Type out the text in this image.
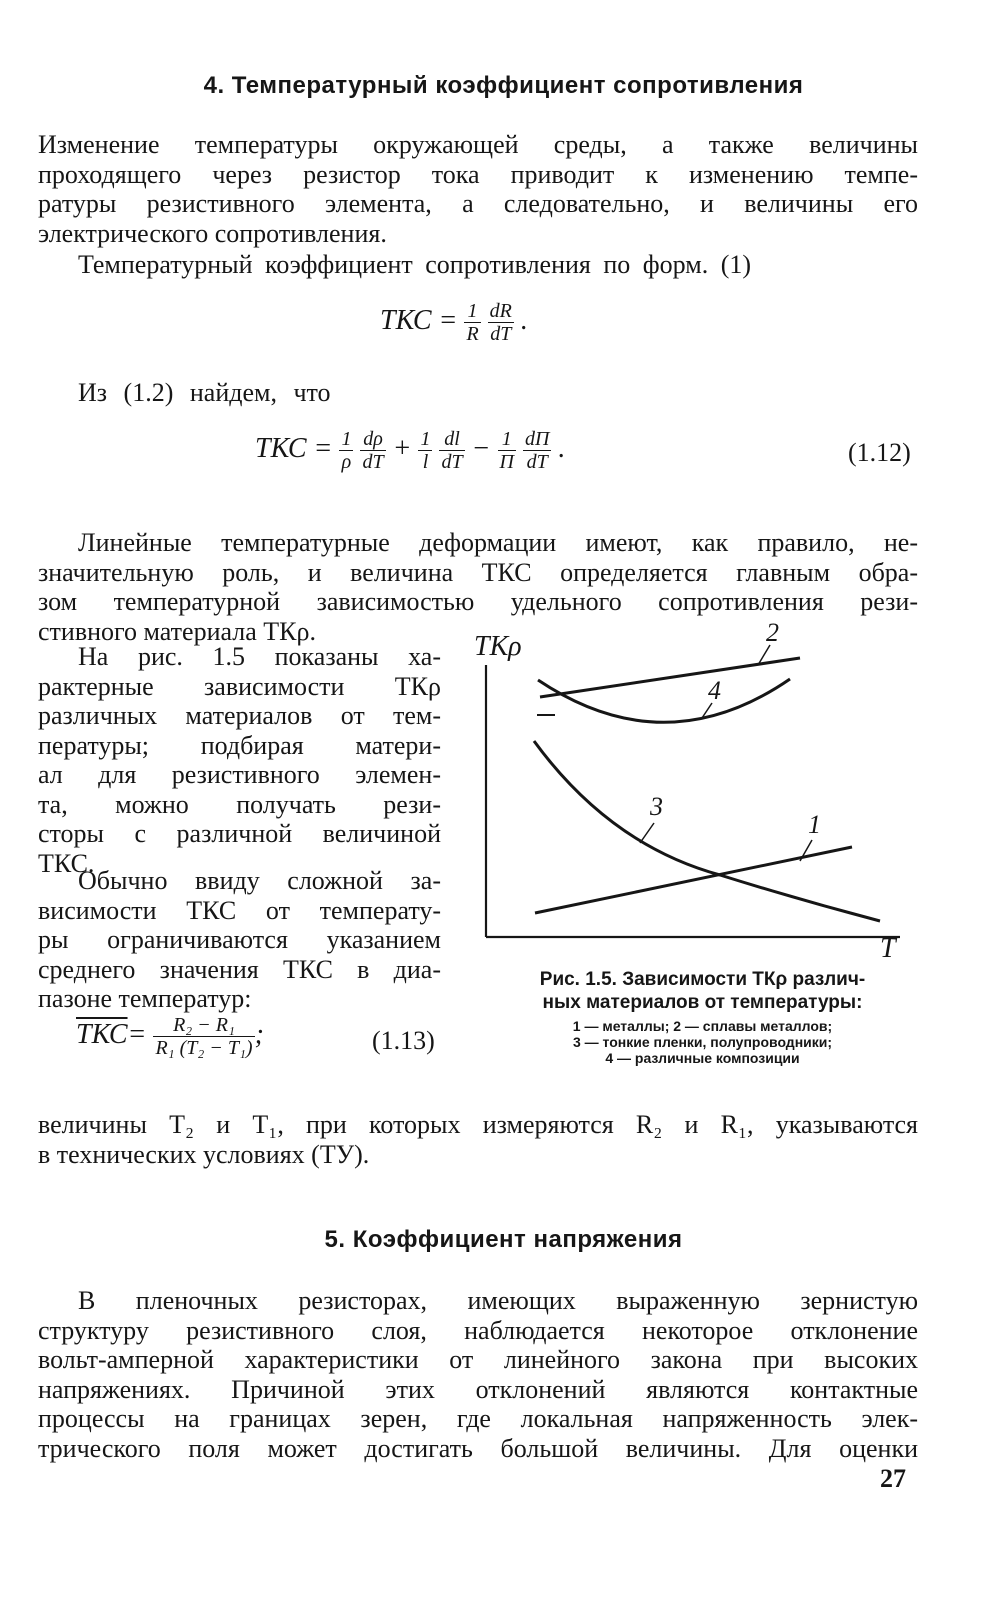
4. Температурный коэффициент сопротивления
Изменение температуры окружающей среды, а также величины
проходящего через резистор тока приводит к изменению темпе-
ратуры резистивного элемента, а следовательно, и величины его
электрического сопротивления.
Температурный коэффициент сопротивления по форм. (1)
ТКС = $\frac{1}{R}$
$\frac{dR}{dT}$ .
Из (1.2) найдем, что
ТКС = $\frac{1}{\rho}$
$\frac{d\rho}{dT} + \frac{1}{l}$
$\frac{dl}{dT} - \frac{1}{П}$
$\frac{dП}{dT}$ .	(1.12)
Линейные температурные деформации имеют, как правило, не-
значительную роль, и величина ТКС определяется главным обра-
зом температурной зависимостью удельного сопротивления рези-
стивного материала ТКρ.
На рис. 1.5 показаны ха-
рактерные зависимости ТКρ
различных материалов от тем-
пературы; подбирая матери-
ал для резистивного элемен-
та, можно получать рези-
сторы с различной величиной
ТКС.
Обычно ввиду сложной за-
висимости ТКС от температу-
ры ограничиваются указанием
среднего значения ТКС в диа-
пазоне температур:
$ТКС= \frac{\text{R₂ − R₁}}{\text{R₁ (T₂ − T₁)}}$ ;	(1.13)
ТКρ
T
2
4
3
1
Рис. 1.5. Зависимости ТКρ различ-
ных материалов от температуры:
1 — металлы; 2 — сплавы металлов;
3 — тонкие пленки, полупроводники;
4 — различные композиции
величины T₂ и T₁, при которых измеряются R₂ и R₁, указываются
в технических условиях (ТУ).
5. Коэффициент напряжения
В пленочных резисторах, имеющих выраженную зернистую
структуру резистивного слоя, наблюдается некоторое отклонение
вольт-амперной характеристики от линейного закона при высоких
напряжениях. Причиной этих отклонений являются контактные
процессы на границах зерен, где локальная напряженность элек-
трического поля может достигать большой величины. Для оценки
27
